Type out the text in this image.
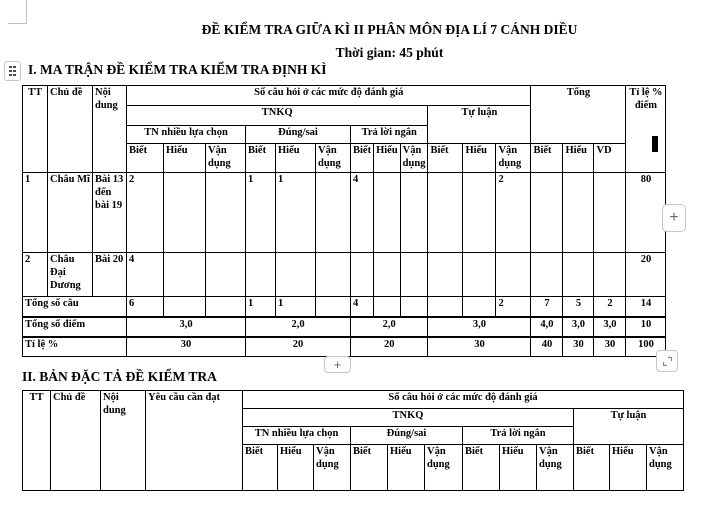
ĐỀ KIỂM TRA GIỮA KÌ II PHÂN MÔN ĐỊA LÍ 7 CÁNH DIỀU
Thời gian: 45 phút
I. MA TRẬN ĐỀ KIỂM TRA KIỂM TRA ĐỊNH KÌ
TT	Chủ đề	Nội dung	Số câu hỏi ở các mức độ đánh giá												Tổng			Tỉ lệ % điểm
			TNKQ									Tự luận						
			TN nhiều lựa chọn			Đúng/sai			Trả lời ngắn									
			Biết	Hiểu	Vận dụng	Biết	Hiểu	Vận dụng	Biết	Hiểu	Vận dụng	Biết	Hiểu	Vận dụng	Biết	Hiểu	VD	
1	Châu Mĩ	Bài 13 đến bài 19	2			1	1		4					2				80
2	Châu Đại Dương	Bài 20	4															20
Tổng số câu			6			1	1		4					2	7	5	2	14
Tổng số điểm			3,0			2,0			2,0			3,0			4,0	3,0	3,0	10
Tỉ lệ %			30			20			20			30			40	30	30	100
+
+
II. BẢN ĐẶC TẢ ĐỀ KIỂM TRA
TT	Chủ đề	Nội dung	Yêu cầu cần đạt	Số câu hỏi ở các mức độ đánh giá											
				TNKQ									Tự luận		
				TN nhiều lựa chọn			Đúng/sai			Trả lời ngắn					
				Biết	Hiểu	Vận dụng	Biết	Hiểu	Vận dụng	Biết	Hiểu	Vận dụng	Biết	Hiểu	Vận dụng
